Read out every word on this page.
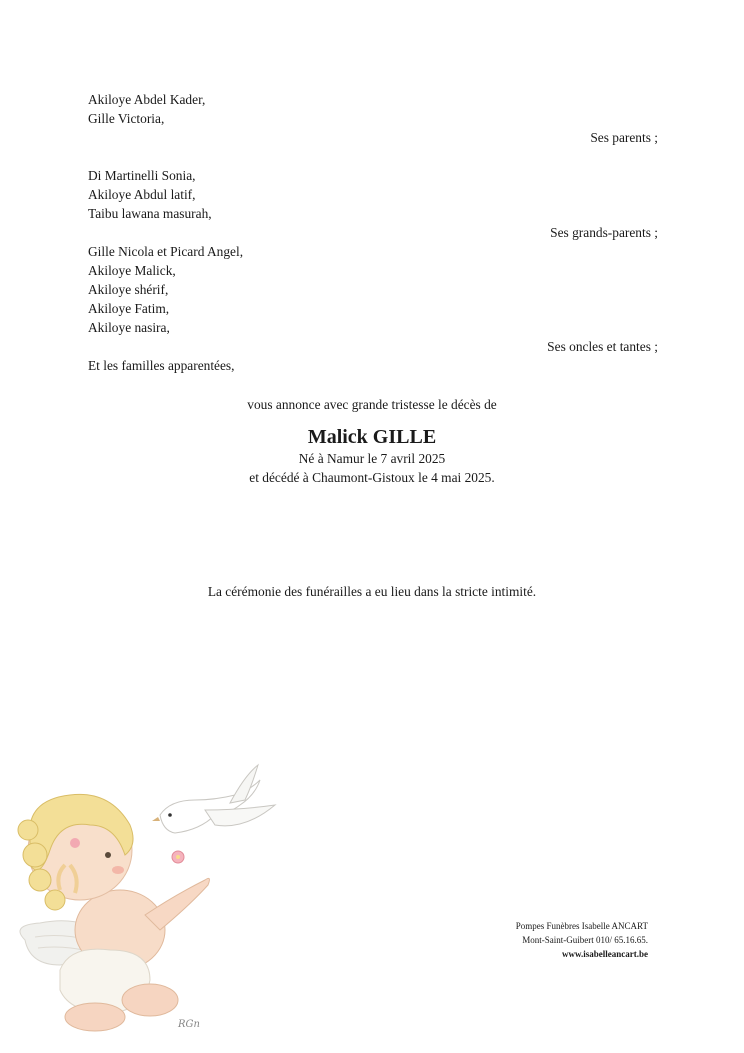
Akiloye Abdel Kader,
Gille Victoria,
Ses parents ;

Di Martinelli Sonia,
Akiloye Abdul latif,
Taibu lawana masurah,
Ses grands-parents ;
Gille Nicola et Picard Angel,
Akiloye Malick,
Akiloye shérif,
Akiloye Fatim,
Akiloye nasira,
Ses oncles et tantes ;
Et les familles apparentées,
vous annonce avec grande tristesse le décès de
Malick GILLE
Né à Namur le 7 avril 2025
et décédé à Chaumont-Gistoux le 4 mai 2025.
La cérémonie des funérailles a eu lieu dans la stricte intimité.
RGn
Pompes Funèbres Isabelle ANCART
Mont-Saint-Guibert 010/ 65.16.65.
www.isabelleancart.be
